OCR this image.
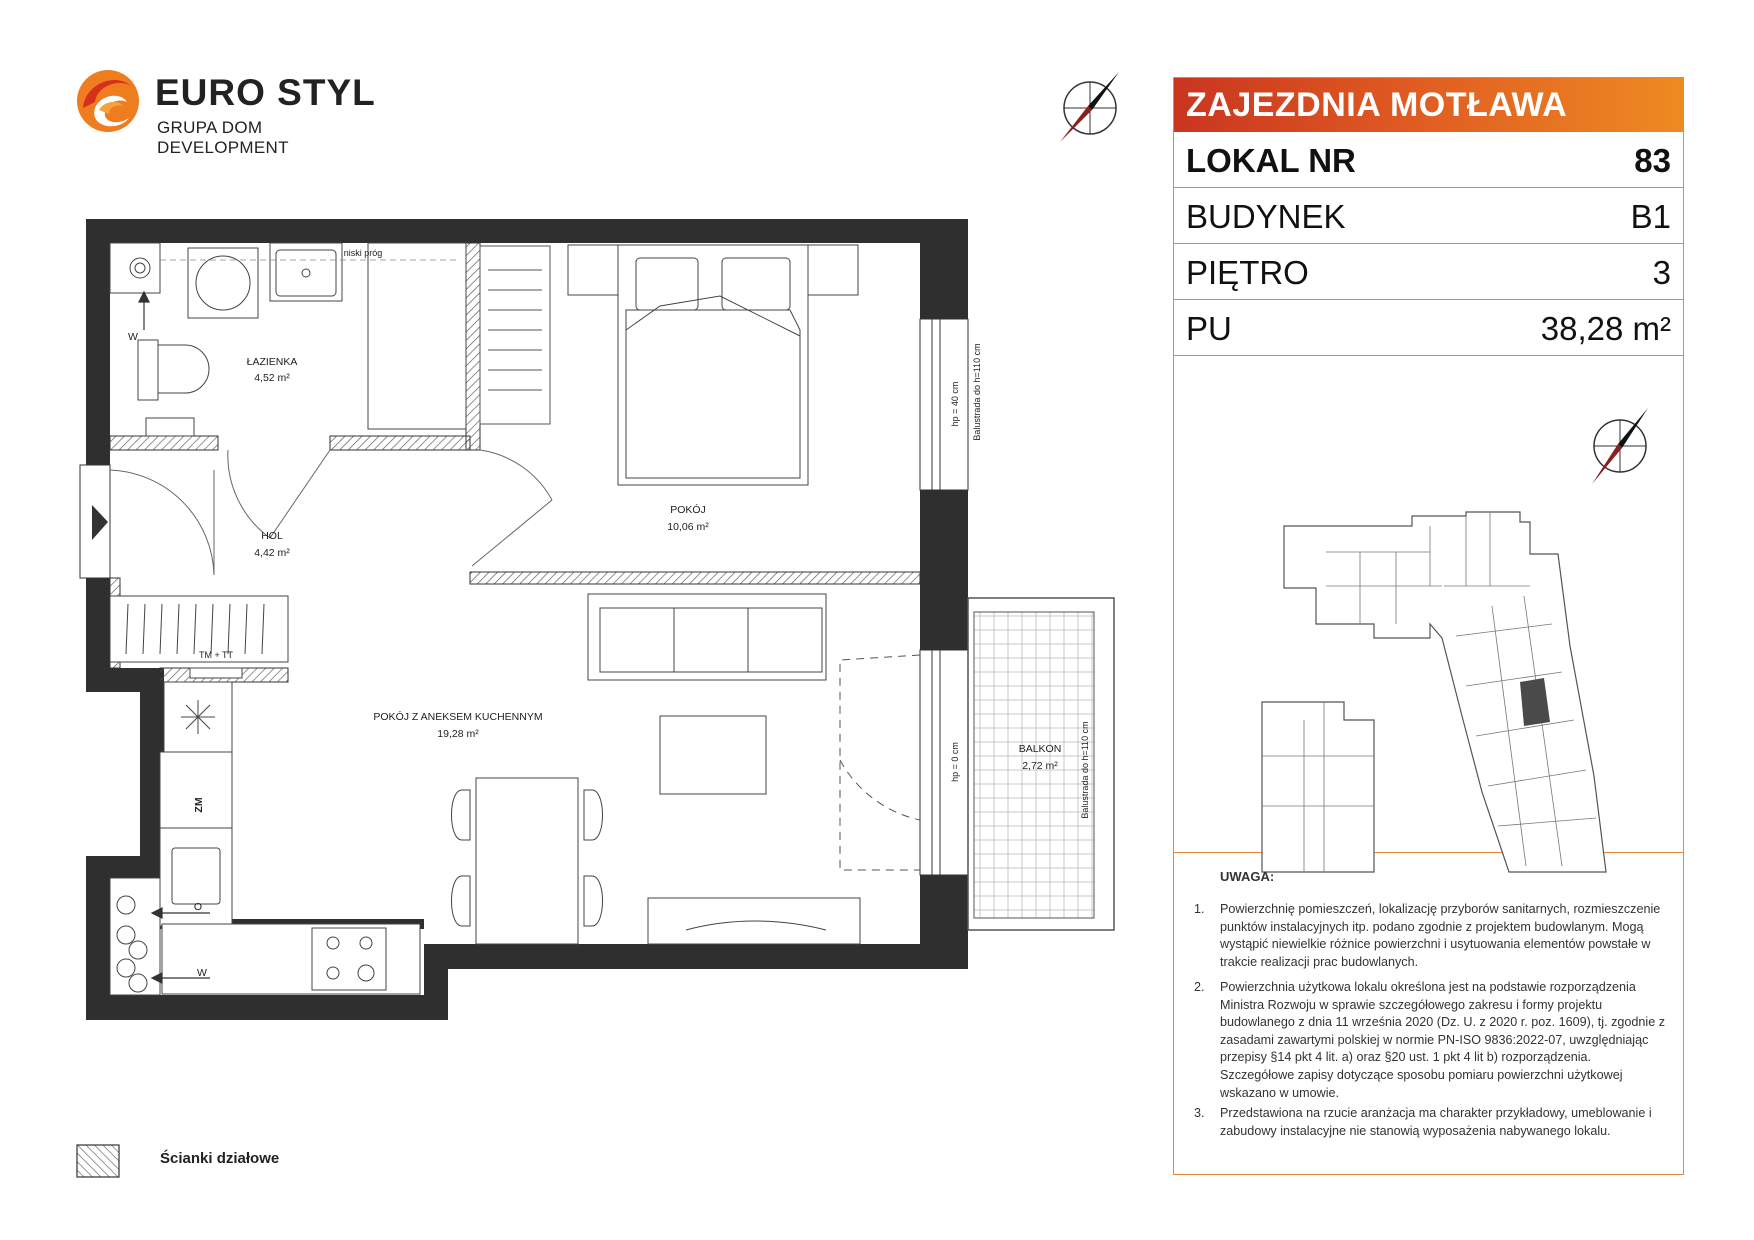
EURO STYL
GRUPA DOM DEVELOPMENT
ŁAZIENKA
4,52 m²
HOL
4,42 m²
POKÓJ
10,06 m²
POKÓJ Z ANEKSEM KUCHENNYM
19,28 m²
BALKON
2,72 m²
niski próg
TM + TT
ZM
W
W
O
hp = 40 cm
hp = 0 cm
Balustrada do h=110 cm
Balustrada do h=110 cm
Ścianki działowe
ZAJEZDNIA MOTŁAWA
LOKAL NR	83
BUDYNEK	B1
PIĘTRO	3
PU	38,28 m²
UWAGA:
1. Powierzchnię pomieszczeń, lokalizację przyborów sanitarnych, rozmieszczenie punktów instalacyjnych itp. podano zgodnie z projektem budowlanym. Mogą wystąpić niewielkie różnice powierzchni i usytuowania elementów powstałe w trakcie realizacji prac budowlanych.
2. Powierzchnia użytkowa lokalu określona jest na podstawie rozporządzenia Ministra Rozwoju w sprawie szczegółowego zakresu i formy projektu budowlanego z dnia 11 września 2020 (Dz. U. z 2020 r. poz. 1609), tj. zgodnie z zasadami zawartymi polskiej w normie PN-ISO 9836:2022-07, uwzględniając przepisy §14 pkt 4 lit. a) oraz §20 ust. 1 pkt 4 lit b) rozporządzenia. Szczegółowe zapisy dotyczące sposobu pomiaru powierzchni użytkowej wskazano w umowie.
3. Przedstawiona na rzucie aranżacja ma charakter przykładowy, umeblowanie i zabudowy instalacyjne nie stanowią wyposażenia nabywanego lokalu.
